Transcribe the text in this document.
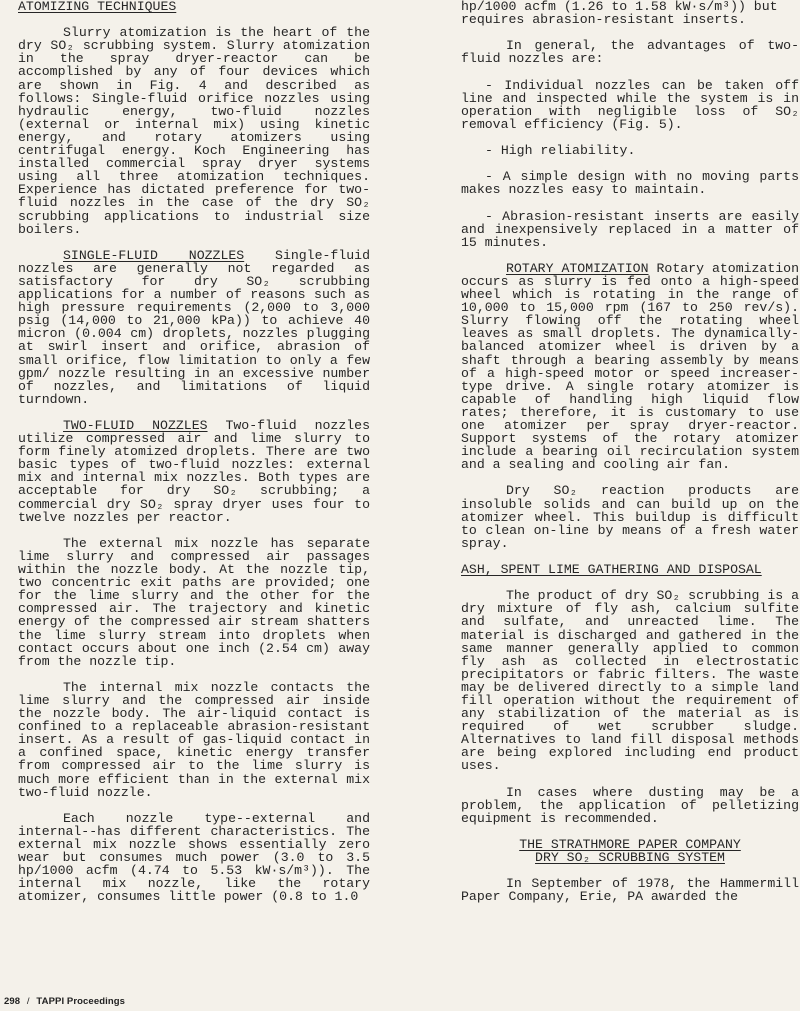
ATOMIZING TECHNIQUES

Slurry atomization is the heart of the dry SO₂ scrubbing system. Slurry atomization in the spray dryer-reactor can be accomplished by any of four devices which are shown in Fig. 4 and described as follows: Single-fluid orifice nozzles using hydraulic energy, two-fluid nozzles (external or internal mix) using kinetic energy, and rotary atomizers using centrifugal energy. Koch Engineering has installed commercial spray dryer systems using all three atomization techniques. Experience has dictated preference for two-fluid nozzles in the case of the dry SO₂ scrubbing applications to industrial size boilers.

SINGLE-FLUID NOZZLES Single-fluid nozzles are generally not regarded as satisfactory for dry SO₂ scrubbing applications for a number of reasons such as high pressure requirements (2,000 to 3,000 psig (14,000 to 21,000 kPa)) to achieve 40 micron (0.004 cm) droplets, nozzles plugging at swirl insert and orifice, abrasion of small orifice, flow limitation to only a few gpm/ nozzle resulting in an excessive number of nozzles, and limitations of liquid turndown.

TWO-FLUID NOZZLES Two-fluid nozzles utilize compressed air and lime slurry to form finely atomized droplets. There are two basic types of two-fluid nozzles: external mix and internal mix nozzles. Both types are acceptable for dry SO₂ scrubbing; a commercial dry SO₂ spray dryer uses four to twelve nozzles per reactor.

The external mix nozzle has separate lime slurry and compressed air passages within the nozzle body. At the nozzle tip, two concentric exit paths are provided; one for the lime slurry and the other for the compressed air. The trajectory and kinetic energy of the compressed air stream shatters the lime slurry stream into droplets when contact occurs about one inch (2.54 cm) away from the nozzle tip.

The internal mix nozzle contacts the lime slurry and the compressed air inside the nozzle body. The air-liquid contact is confined to a replaceable abrasion-resistant insert. As a result of gas-liquid contact in a confined space, kinetic energy transfer from compressed air to the lime slurry is much more efficient than in the external mix two-fluid nozzle.

Each nozzle type--external and internal--has different characteristics. The external mix nozzle shows essentially zero wear but consumes much power (3.0 to 3.5 hp/1000 acfm (4.74 to 5.53 kW·s/m³)). The internal mix nozzle, like the rotary atomizer, consumes little power (0.8 to 1.0

hp/1000 acfm (1.26 to 1.58 kW·s/m³)) but requires abrasion-resistant inserts.

In general, the advantages of two-fluid nozzles are:

- Individual nozzles can be taken off line and inspected while the system is in operation with negligible loss of SO₂ removal efficiency (Fig. 5).

- High reliability.

- A simple design with no moving parts makes nozzles easy to maintain.

- Abrasion-resistant inserts are easily and inexpensively replaced in a matter of 15 minutes.

ROTARY ATOMIZATION Rotary atomization occurs as slurry is fed onto a high-speed wheel which is rotating in the range of 10,000 to 15,000 rpm (167 to 250 rev/s). Slurry flowing off the rotating wheel leaves as small droplets. The dynamically-balanced atomizer wheel is driven by a shaft through a bearing assembly by means of a high-speed motor or speed increaser-type drive. A single rotary atomizer is capable of handling high liquid flow rates; therefore, it is customary to use one atomizer per spray dryer-reactor. Support systems of the rotary atomizer include a bearing oil recirculation system and a sealing and cooling air fan.

Dry SO₂ reaction products are insoluble solids and can build up on the atomizer wheel. This buildup is difficult to clean on-line by means of a fresh water spray.

ASH, SPENT LIME GATHERING AND DISPOSAL

The product of dry SO₂ scrubbing is a dry mixture of fly ash, calcium sulfite and sulfate, and unreacted lime. The material is discharged and gathered in the same manner generally applied to common fly ash as collected in electrostatic precipitators or fabric filters. The waste may be delivered directly to a simple land fill operation without the requirement of any stabilization of the material as is required of wet scrubber sludge. Alternatives to land fill disposal methods are being explored including end product uses.

In cases where dusting may be a problem, the application of pelletizing equipment is recommended.

THE STRATHMORE PAPER COMPANY
DRY SO₂ SCRUBBING SYSTEM

In September of 1978, the Hammermill Paper Company, Erie, PA awarded the

298 / TAPPI Proceedings
